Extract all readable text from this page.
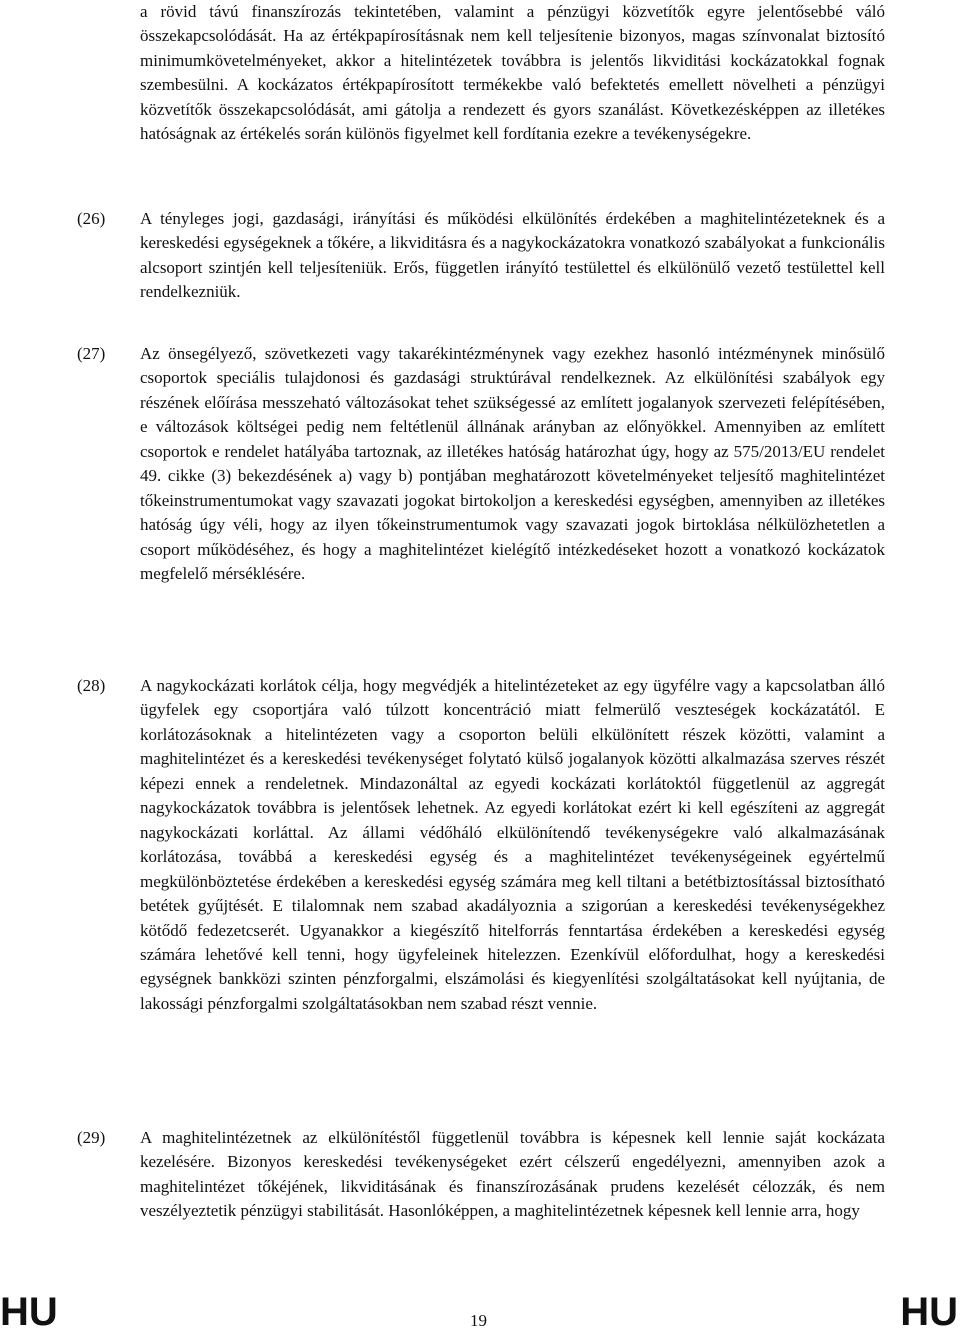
a rövid távú finanszírozás tekintetében, valamint a pénzügyi közvetítők egyre jelentősebbé váló összekapcsolódását. Ha az értékpapírosításnak nem kell teljesítenie bizonyos, magas színvonalat biztosító minimumkövetelményeket, akkor a hitelintézetek továbbra is jelentős likviditási kockázatokkal fognak szembesülni. A kockázatos értékpapírosított termékekbe való befektetés emellett növelheti a pénzügyi közvetítők összekapcsolódását, ami gátolja a rendezett és gyors szanálást. Következésképpen az illetékes hatóságnak az értékelés során különös figyelmet kell fordítania ezekre a tevékenységekre.

(26) A tényleges jogi, gazdasági, irányítási és működési elkülönítés érdekében a maghitelintézeteknek és a kereskedési egységeknek a tőkére, a likviditásra és a nagykockázatokra vonatkozó szabályokat a funkcionális alcsoport szintjén kell teljesíteniük. Erős, független irányító testülettel és elkülönülő vezető testülettel kell rendelkezniük.

(27) Az önsegélyező, szövetkezeti vagy takarékintézménynek vagy ezekhez hasonló intézménynek minősülő csoportok speciális tulajdonosi és gazdasági struktúrával rendelkeznek. Az elkülönítési szabályok egy részének előírása messzeható változásokat tehet szükségessé az említett jogalanyok szervezeti felépítésében, e változások költségei pedig nem feltétlenül állnának arányban az előnyökkel. Amennyiben az említett csoportok e rendelet hatályába tartoznak, az illetékes hatóság határozhat úgy, hogy az 575/2013/EU rendelet 49. cikke (3) bekezdésének a) vagy b) pontjában meghatározott követelményeket teljesítő maghitelintézet tőkeinstrumentumokat vagy szavazati jogokat birtokoljon a kereskedési egységben, amennyiben az illetékes hatóság úgy véli, hogy az ilyen tőkeinstrumentumok vagy szavazati jogok birtoklása nélkülözhetetlen a csoport működéséhez, és hogy a maghitelintézet kielégítő intézkedéseket hozott a vonatkozó kockázatok megfelelő mérséklésére.

(28) A nagykockázati korlátok célja, hogy megvédjék a hitelintézeteket az egy ügyfélre vagy a kapcsolatban álló ügyfelek egy csoportjára való túlzott koncentráció miatt felmerülő veszteségek kockázatától. E korlátozásoknak a hitelintézeten vagy a csoporton belüli elkülönített részek közötti, valamint a maghitelintézet és a kereskedési tevékenységet folytató külső jogalanyok közötti alkalmazása szerves részét képezi ennek a rendeletnek. Mindazonáltal az egyedi kockázati korlátoktól függetlenül az aggregát nagykockázatok továbbra is jelentősek lehetnek. Az egyedi korlátokat ezért ki kell egészíteni az aggregát nagykockázati korláttal. Az állami védőháló elkülönítendő tevékenységekre való alkalmazásának korlátozása, továbbá a kereskedési egység és a maghitelintézet tevékenységeinek egyértelmű megkülönböztetése érdekében a kereskedési egység számára meg kell tiltani a betétbiztosítással biztosítható betétek gyűjtését. E tilalomnak nem szabad akadályoznia a szigorúan a kereskedési tevékenységekhez kötődő fedezetcserét. Ugyanakkor a kiegészítő hitelforrás fenntartása érdekében a kereskedési egység számára lehetővé kell tenni, hogy ügyfeleinek hitelezzen. Ezenkívül előfordulhat, hogy a kereskedési egységnek bankközi szinten pénzforgalmi, elszámolási és kiegyenlítési szolgáltatásokat kell nyújtania, de lakossági pénzforgalmi szolgáltatásokban nem szabad részt vennie.

(29) A maghitelintézetnek az elkülönítéstől függetlenül továbbra is képesnek kell lennie saját kockázata kezelésére. Bizonyos kereskedési tevékenységeket ezért célszerű engedélyezni, amennyiben azok a maghitelintézet tőkéjének, likviditásának és finanszírozásának prudens kezelését célozzák, és nem veszélyeztetik pénzügyi stabilitását. Hasonlóképpen, a maghitelintézetnek képesnek kell lennie arra, hogy

HU	19	HU
